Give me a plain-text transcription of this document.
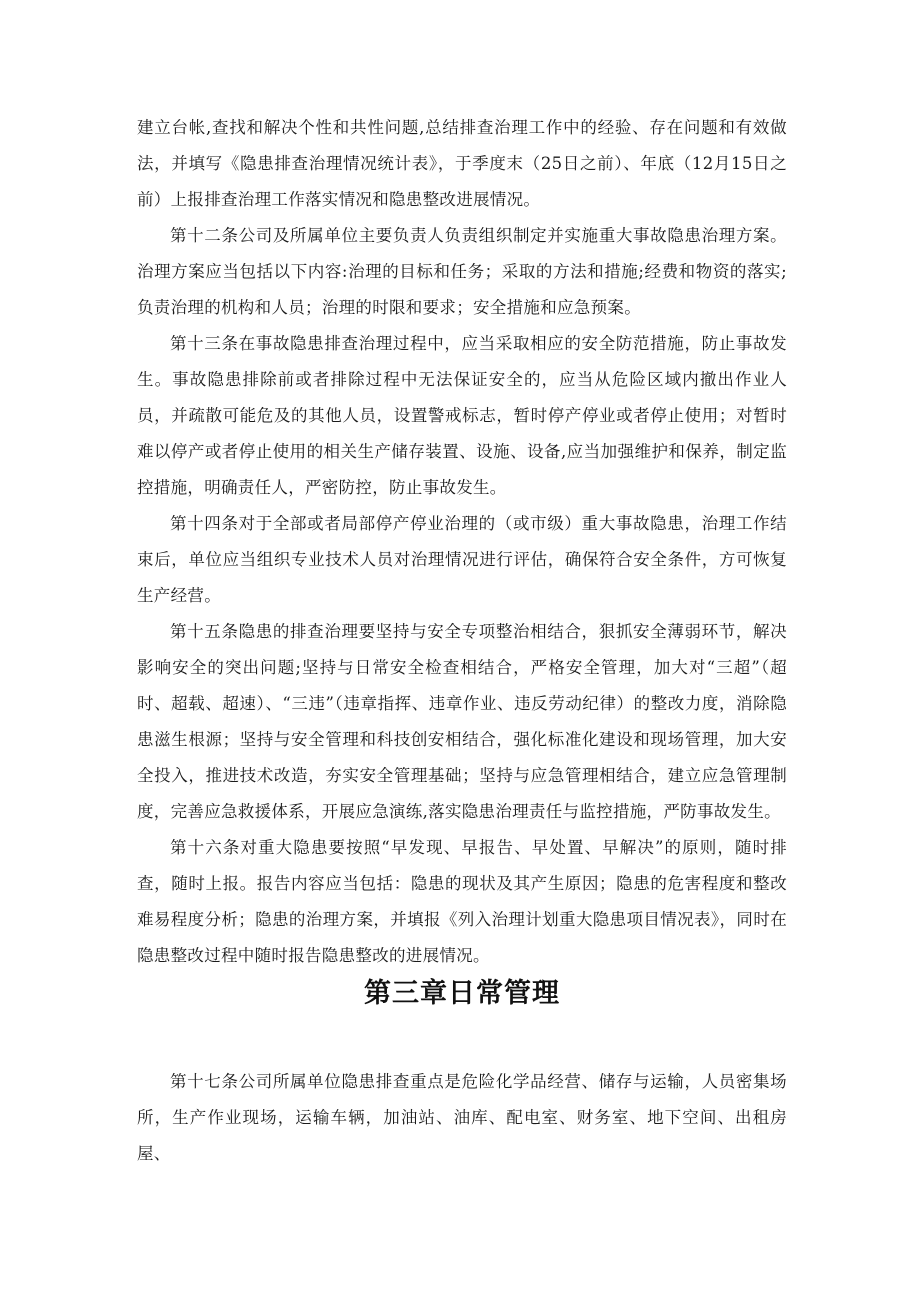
建立台帐,查找和解决个性和共性问题,总结排查治理工作中的经验、存在问题和有效做法，并填写《隐患排查治理情况统计表》，于季度末（25日之前）、年底（12月15日之前）上报排查治理工作落实情况和隐患整改进展情况。

第十二条公司及所属单位主要负责人负责组织制定并实施重大事故隐患治理方案。治理方案应当包括以下内容:治理的目标和任务；采取的方法和措施;经费和物资的落实;负责治理的机构和人员；治理的时限和要求；安全措施和应急预案。

第十三条在事故隐患排查治理过程中，应当采取相应的安全防范措施，防止事故发生。事故隐患排除前或者排除过程中无法保证安全的，应当从危险区域内撤出作业人员，并疏散可能危及的其他人员，设置警戒标志，暂时停产停业或者停止使用；对暂时难以停产或者停止使用的相关生产储存装置、设施、设备,应当加强维护和保养，制定监控措施，明确责任人，严密防控，防止事故发生。

第十四条对于全部或者局部停产停业治理的（或市级）重大事故隐患，治理工作结束后，单位应当组织专业技术人员对治理情况进行评估，确保符合安全条件，方可恢复生产经营。

第十五条隐患的排查治理要坚持与安全专项整治相结合，狠抓安全薄弱环节，解决影响安全的突出问题;坚持与日常安全检查相结合，严格安全管理，加大对“三超”（超时、超载、超速）、“三违”（违章指挥、违章作业、违反劳动纪律）的整改力度，消除隐患滋生根源；坚持与安全管理和科技创安相结合，强化标准化建设和现场管理，加大安全投入，推进技术改造，夯实安全管理基础；坚持与应急管理相结合，建立应急管理制度，完善应急救援体系，开展应急演练,落实隐患治理责任与监控措施，严防事故发生。

第十六条对重大隐患要按照“早发现、早报告、早处置、早解决”的原则，随时排查，随时上报。报告内容应当包括：隐患的现状及其产生原因；隐患的危害程度和整改难易程度分析；隐患的治理方案，并填报《列入治理计划重大隐患项目情况表》，同时在隐患整改过程中随时报告隐患整改的进展情况。

第三章日常管理

第十七条公司所属单位隐患排查重点是危险化学品经营、储存与运输，人员密集场所，生产作业现场，运输车辆，加油站、油库、配电室、财务室、地下空间、出租房屋、
